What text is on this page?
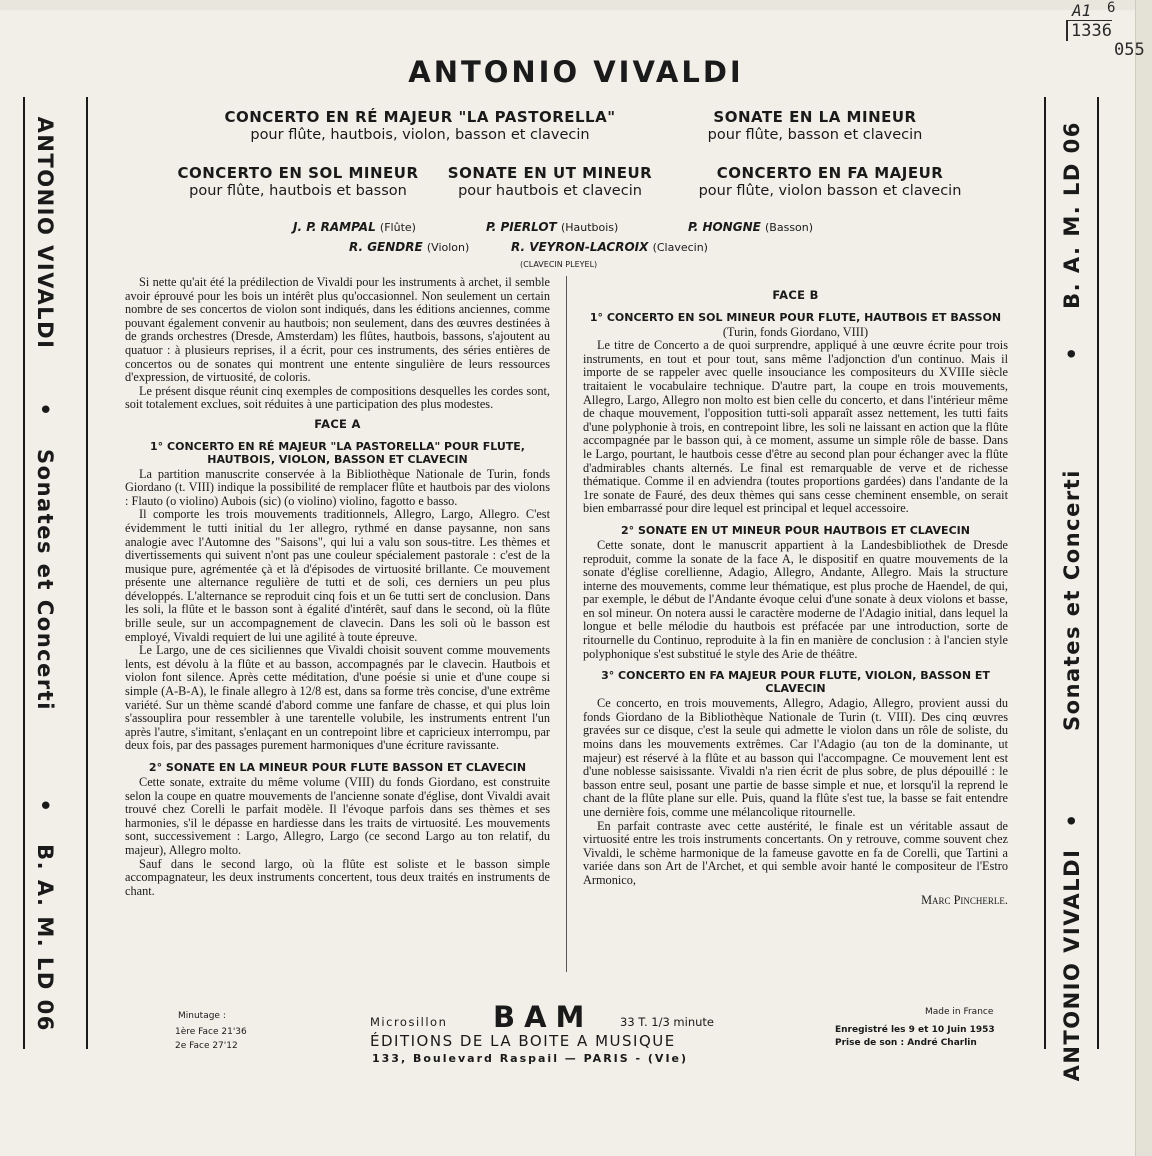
A1 6
1336
055
ANTONIO VIVALDI
•
Sonates et Concerti
•
B. A. M. LD 06
B. A. M. LD 06
•
Sonates et Concerti
•
ANTONIO VIVALDI
ANTONIO VIVALDI
CONCERTO EN RÉ MAJEUR "LA PASTORELLA"
pour flûte, hautbois, violon, basson et clavecin
SONATE EN LA MINEUR
pour flûte, basson et clavecin
CONCERTO EN SOL MINEUR
pour flûte, hautbois et basson
SONATE EN UT MINEUR
pour hautbois et clavecin
CONCERTO EN FA MAJEUR
pour flûte, violon basson et clavecin
J. P. RAMPAL (Flûte)	P. PIERLOT (Hautbois)	P. HONGNE (Basson)
R. GENDRE (Violon)	R. VEYRON-LACROIX (Clavecin)
(CLAVECIN PLEYEL)

Si nette qu'ait été la prédilection de Vivaldi pour les instruments à archet, il semble avoir éprouvé pour les bois un intérêt plus qu'occasionnel. Non seulement un certain nombre de ses concertos de violon sont indiqués, dans les éditions anciennes, comme pouvant également convenir au hautbois; non seulement, dans des œuvres destinées à de grands orchestres (Dresde, Amsterdam) les flûtes, hautbois, bassons, s'ajoutent au quatuor : à plusieurs reprises, il a écrit, pour ces instruments, des séries entières de concertos ou de sonates qui montrent une entente singulière de leurs ressources d'expression, de virtuosité, de coloris.

Le présent disque réunit cinq exemples de compositions desquelles les cordes sont, soit totalement exclues, soit réduites à une participation des plus modestes.

FACE A
1° CONCERTO EN RÉ MAJEUR "LA PASTORELLA" POUR FLUTE, HAUTBOIS, VIOLON, BASSON ET CLAVECIN

La partition manuscrite conservée à la Bibliothèque Nationale de Turin, fonds Giordano (t. VIII) indique la possibilité de remplacer flûte et hautbois par des violons : Flauto (o violino) Aubois (sic) (o violino) violino, fagotto e basso.

Il comporte les trois mouvements traditionnels, Allegro, Largo, Allegro. C'est évidemment le tutti initial du 1er allegro, rythmé en danse paysanne, non sans analogie avec l'Automne des "Saisons", qui lui a valu son sous-titre. Les thèmes et divertissements qui suivent n'ont pas une couleur spécialement pastorale : c'est de la musique pure, agrémentée çà et là d'épisodes de virtuosité brillante. Ce mouvement présente une alternance regulière de tutti et de soli, ces derniers un peu plus développés. L'alternance se reproduit cinq fois et un 6e tutti sert de conclusion. Dans les soli, la flûte et le basson sont à égalité d'intérêt, sauf dans le second, où la flûte brille seule, sur un accompagnement de clavecin. Dans les soli où le basson est employé, Vivaldi requiert de lui une agilité à toute épreuve.

Le Largo, une de ces siciliennes que Vivaldi choisit souvent comme mouvements lents, est dévolu à la flûte et au basson, accompagnés par le clavecin. Hautbois et violon font silence. Après cette méditation, d'une poésie si unie et d'une coupe si simple (A-B-A), le finale allegro à 12/8 est, dans sa forme très concise, d'une extrême variété. Sur un thème scandé d'abord comme une fanfare de chasse, et qui plus loin s'assouplira pour ressembler à une tarentelle volubile, les instruments entrent l'un après l'autre, s'imitant, s'enlaçant en un contrepoint libre et capricieux interrompu, par deux fois, par des passages purement harmoniques d'une écriture ravissante.

2° SONATE EN LA MINEUR POUR FLUTE BASSON ET CLAVECIN

Cette sonate, extraite du même volume (VIII) du fonds Giordano, est construite selon la coupe en quatre mouvements de l'ancienne sonate d'église, dont Vivaldi avait trouvé chez Corelli le parfait modèle. Il l'évoque parfois dans ses thèmes et ses harmonies, s'il le dépasse en hardiesse dans les traits de virtuosité. Les mouvements sont, successivement : Largo, Allegro, Largo (ce second Largo au ton relatif, du majeur), Allegro molto.

Sauf dans le second largo, où la flûte est soliste et le basson simple accompagnateur, les deux instruments concertent, tous deux traités en instruments de chant.

FACE B
1° CONCERTO EN SOL MINEUR POUR FLUTE, HAUTBOIS ET BASSON

(Turin, fonds Giordano, VIII)

Le titre de Concerto a de quoi surprendre, appliqué à une œuvre écrite pour trois instruments, en tout et pour tout, sans même l'adjonction d'un continuo. Mais il importe de se rappeler avec quelle insouciance les compositeurs du XVIIIe siècle traitaient le vocabulaire technique. D'autre part, la coupe en trois mouvements, Allegro, Largo, Allegro non molto est bien celle du concerto, et dans l'intérieur même de chaque mouvement, l'opposition tutti-soli apparaît assez nettement, les tutti faits d'une polyphonie à trois, en contrepoint libre, les soli ne laissant en action que la flûte accompagnée par le basson qui, à ce moment, assume un simple rôle de basse. Dans le Largo, pourtant, le hautbois cesse d'être au second plan pour échanger avec la flûte d'admirables chants alternés. Le final est remarquable de verve et de richesse thématique. Comme il en adviendra (toutes proportions gardées) dans l'andante de la 1re sonate de Fauré, des deux thèmes qui sans cesse cheminent ensemble, on serait bien embarrassé pour dire lequel est principal et lequel accessoire.

2° SONATE EN UT MINEUR POUR HAUTBOIS ET CLAVECIN

Cette sonate, dont le manuscrit appartient à la Landesbibliothek de Dresde reproduit, comme la sonate de la face A, le dispositif en quatre mouvements de la sonate d'église corellienne, Adagio, Allegro, Andante, Allegro. Mais la structure interne des mouvements, comme leur thématique, est plus proche de Haendel, de qui, par exemple, le début de l'Andante évoque celui d'une sonate à deux violons et basse, en sol mineur. On notera aussi le caractère moderne de l'Adagio initial, dans lequel la longue et belle mélodie du hautbois est préfacée par une introduction, sorte de ritournelle du Continuo, reproduite à la fin en manière de conclusion : à l'ancien style polyphonique s'est substitué le style des Arie de théâtre.

3° CONCERTO EN FA MAJEUR POUR FLUTE, VIOLON, BASSON ET CLAVECIN

Ce concerto, en trois mouvements, Allegro, Adagio, Allegro, provient aussi du fonds Giordano de la Bibliothèque Nationale de Turin (t. VIII). Des cinq œuvres gravées sur ce disque, c'est la seule qui admette le violon dans un rôle de soliste, du moins dans les mouvements extrêmes. Car l'Adagio (au ton de la dominante, ut majeur) est réservé à la flûte et au basson qui l'accompagne. Ce mouvement lent est d'une noblesse saisissante. Vivaldi n'a rien écrit de plus sobre, de plus dépouillé : le basson entre seul, posant une partie de basse simple et nue, et lorsqu'il la reprend le chant de la flûte plane sur elle. Puis, quand la flûte s'est tue, la basse se fait entendre une dernière fois, comme une mélancolique ritournelle.

En parfait contraste avec cette austérité, le finale est un véritable assaut de virtuosité entre les trois instruments concertants. On y retrouve, comme souvent chez Vivaldi, le schème harmonique de la fameuse gavotte en fa de Corelli, que Tartini a variée dans son Art de l'Archet, et qui semble avoir hanté le compositeur de l'Estro Armonico,

Marc Pincherle.

Minutage :
1ère Face 21'36
2e Face 27'12
Microsillon BAM 33 T. 1/3 minute
ÉDITIONS DE LA BOITE A MUSIQUE
133, Boulevard Raspail — PARIS - (VIe)
Made in France
Enregistré les 9 et 10 Juin 1953
Prise de son : André Charlin
